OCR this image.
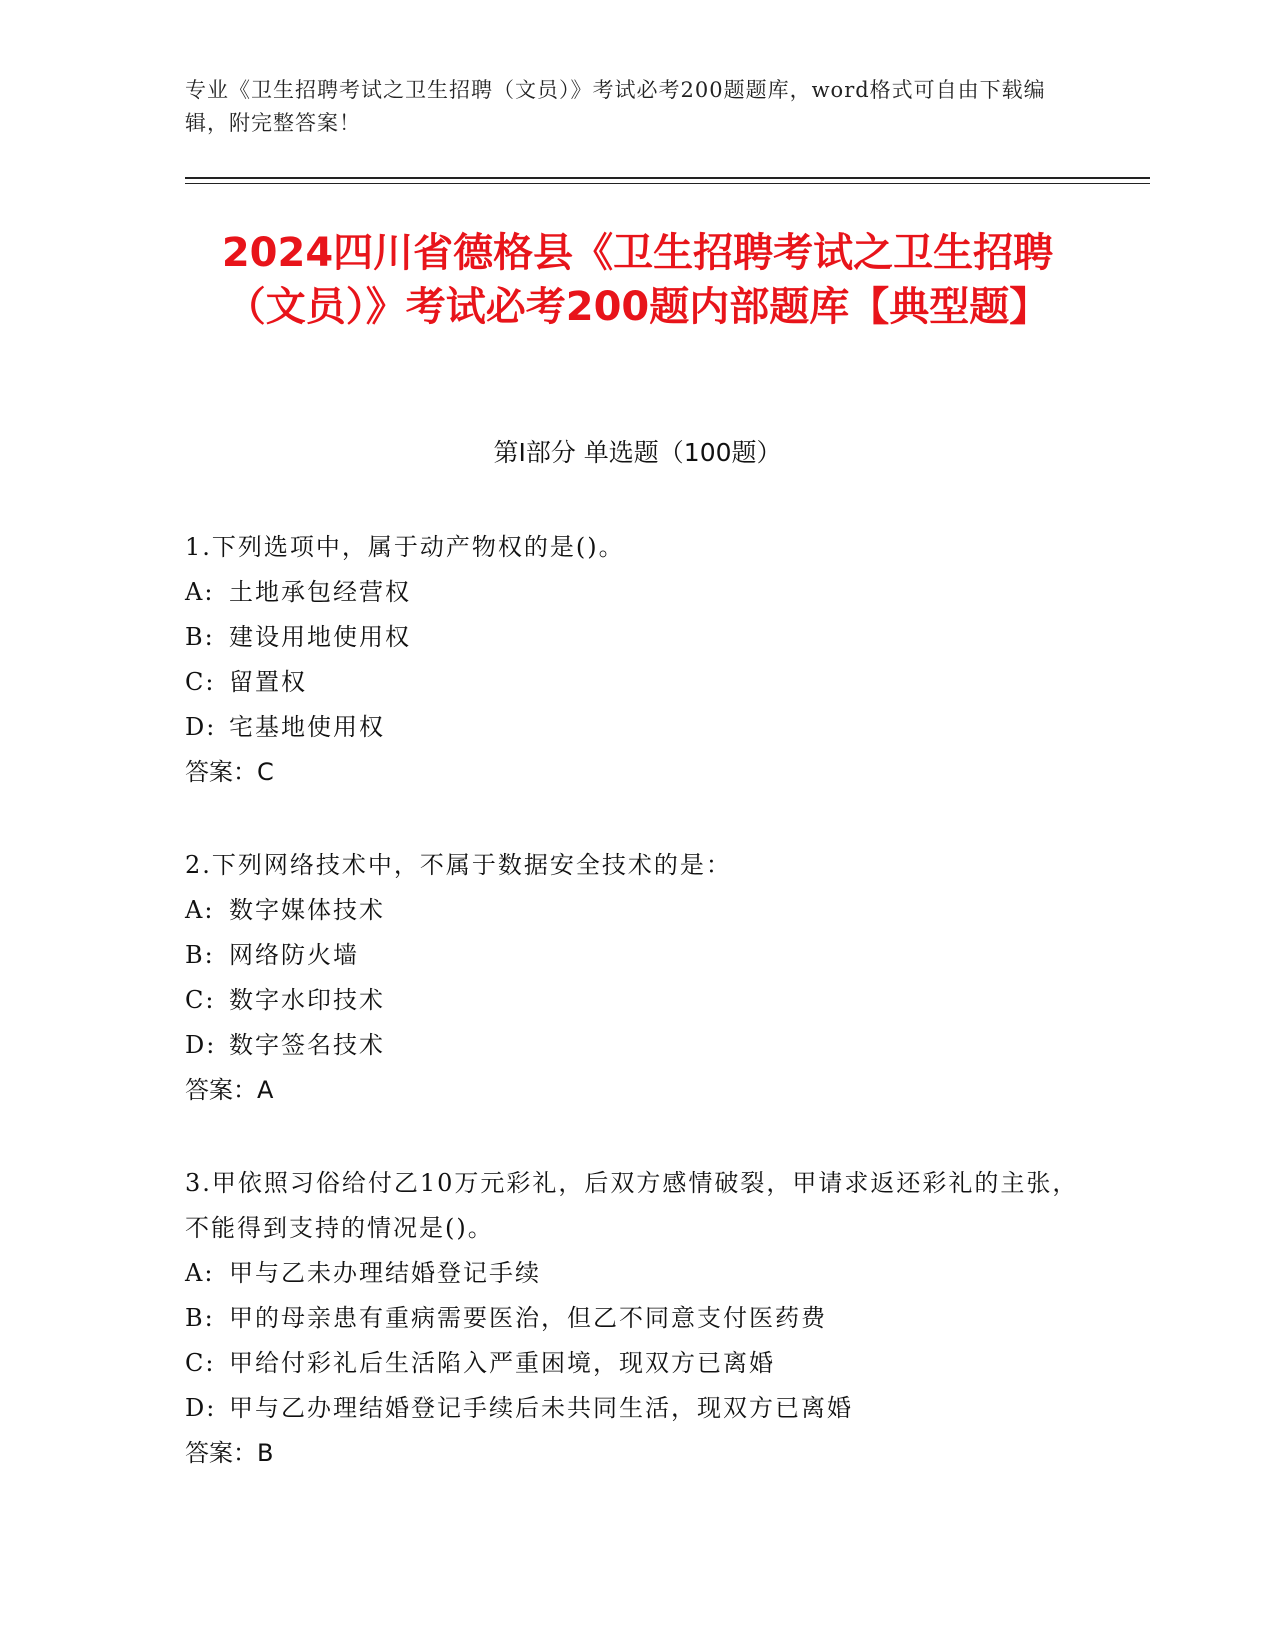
专业《卫生招聘考试之卫生招聘（文员）》考试必考200题题库，word格式可自由下载编辑，附完整答案！
2024四川省德格县《卫生招聘考试之卫生招聘（文员）》考试必考200题内部题库【典型题】
第I部分 单选题（100题）
1.下列选项中，属于动产物权的是()。
A: 土地承包经营权
B: 建设用地使用权
C: 留置权
D: 宅基地使用权
答案：C
2.下列网络技术中，不属于数据安全技术的是：
A: 数字媒体技术
B: 网络防火墙
C: 数字水印技术
D: 数字签名技术
答案：A
3.甲依照习俗给付乙10万元彩礼，后双方感情破裂，甲请求返还彩礼的主张，不能得到支持的情况是()。
A: 甲与乙未办理结婚登记手续
B: 甲的母亲患有重病需要医治，但乙不同意支付医药费
C: 甲给付彩礼后生活陷入严重困境，现双方已离婚
D: 甲与乙办理结婚登记手续后未共同生活，现双方已离婚
答案：B
